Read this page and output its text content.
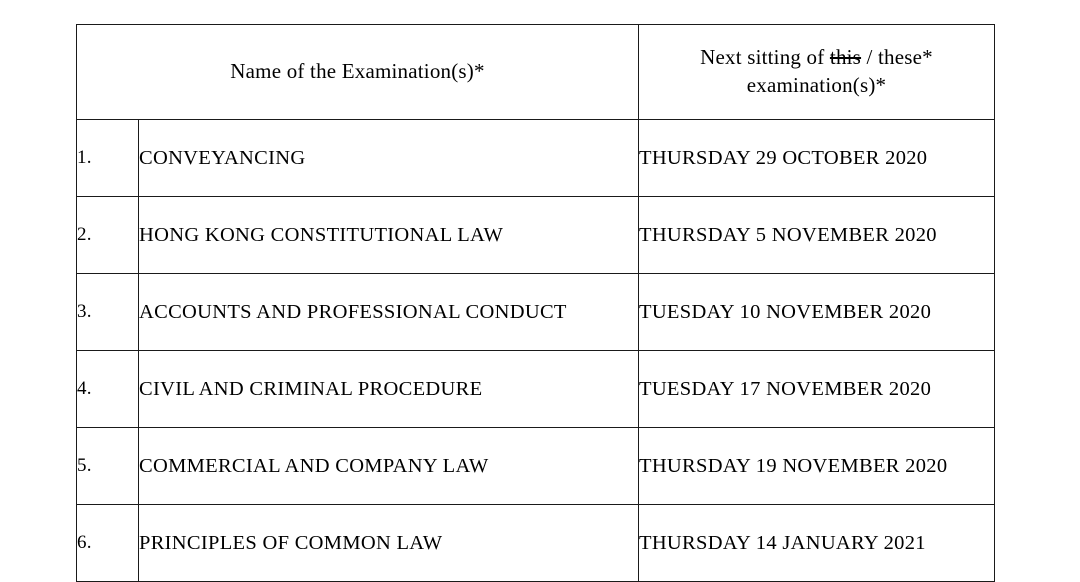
Name of the Examination(s)*		Next sitting of this / these* examination(s)*
1.	CONVEYANCING	THURSDAY 29 OCTOBER 2020
2.	HONG KONG CONSTITUTIONAL LAW	THURSDAY 5 NOVEMBER 2020
3.	ACCOUNTS AND PROFESSIONAL CONDUCT	TUESDAY 10 NOVEMBER 2020
4.	CIVIL AND CRIMINAL PROCEDURE	TUESDAY 17 NOVEMBER 2020
5.	COMMERCIAL AND COMPANY LAW	THURSDAY 19 NOVEMBER 2020
6.	PRINCIPLES OF COMMON LAW	THURSDAY 14 JANUARY 2021
